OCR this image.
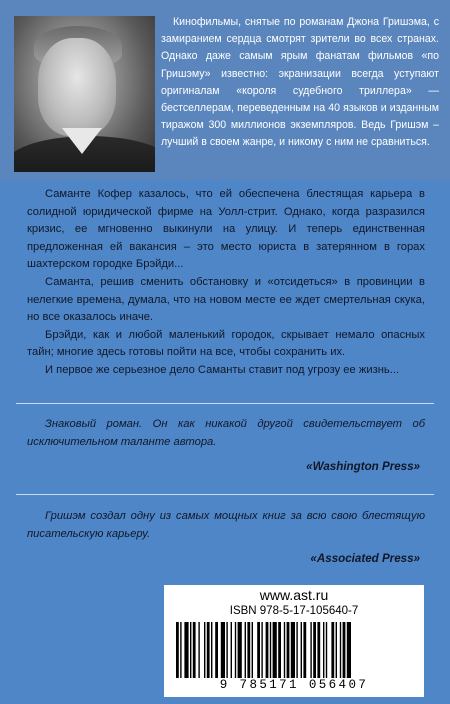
Кинофильмы, снятые по романам Джона Гришэма, с замиранием сердца смотрят зрители во всех странах. Однако даже самым ярым фанатам фильмов «по Гришэму» известно: экранизации всегда уступают оригиналам «короля судебного триллера» — бестселлерам, переведенным на 40 языков и изданным тиражом 300 миллионов экземпляров. Ведь Гришэм – лучший в своем жанре, и никому с ним не сравниться.

Саманте Кофер казалось, что ей обеспечена блестящая карьера в солидной юридической фирме на Уолл-стрит. Однако, когда разразился кризис, ее мгновенно выкинули на улицу. И теперь единственная предложенная ей вакансия – это место юриста в затерянном в горах шахтерском городке Брэйди...

Саманта, решив сменить обстановку и «отсидеться» в провинции в нелегкие времена, думала, что на новом месте ее ждет смертельная скука, но все оказалось иначе.

Брэйди, как и любой маленький городок, скрывает немало опасных тайн; многие здесь готовы пойти на все, чтобы сохранить их.

И первое же серьезное дело Саманты ставит под угрозу ее жизнь...

Знаковый роман. Он как никакой другой свидетельствует об исключительном таланте автора.
«Washington Press»
Гришэм создал одну из самых мощных книг за всю свою блестящую писательскую карьеру.
«Associated Press»
www.ast.ru
ISBN 978-5-17-105640-7
9 785171 056407
